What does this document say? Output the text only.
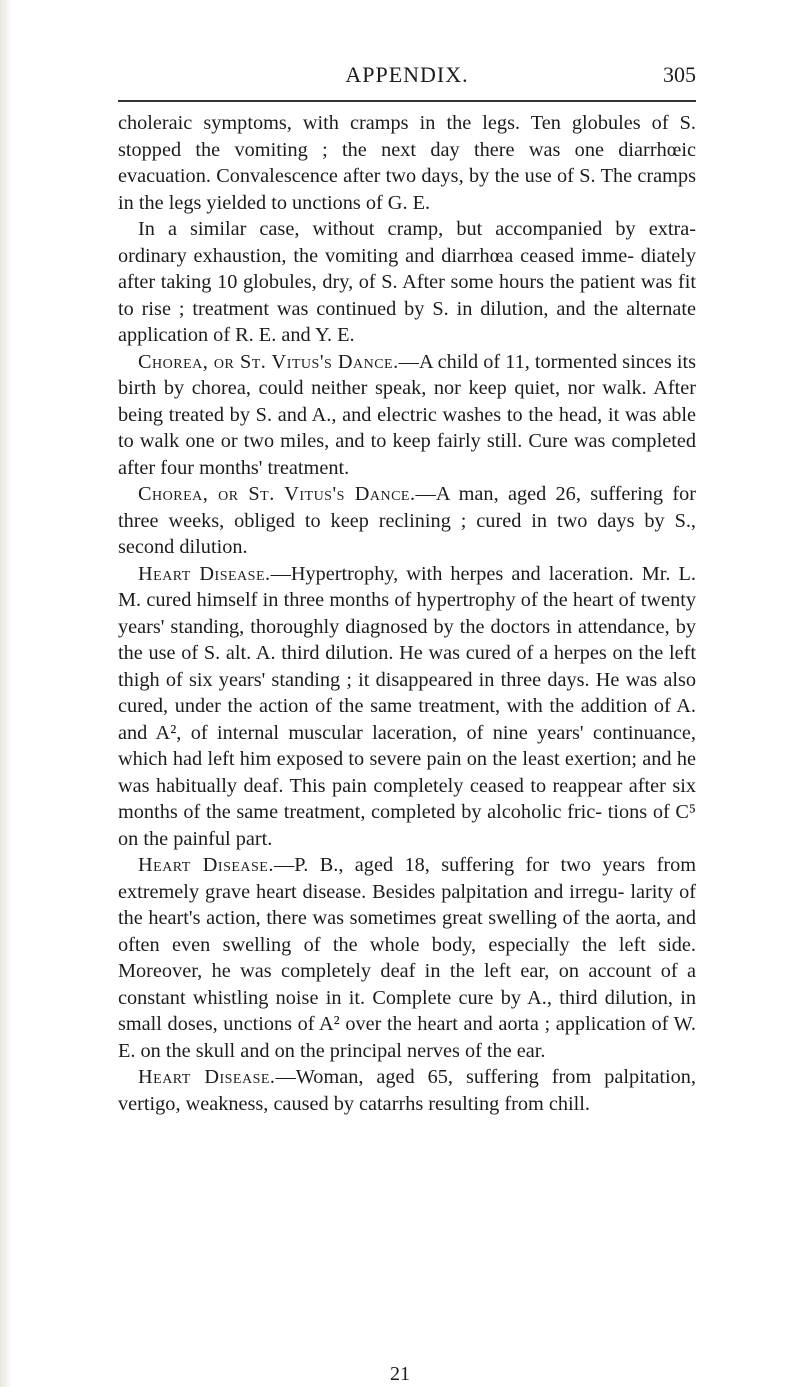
APPENDIX.	305

choleraic symptoms, with cramps in the legs. Ten globules of S. stopped the vomiting ; the next day there was one diarrhœic evacuation. Convalescence after two days, by the use of S. The cramps in the legs yielded to unctions of G. E.

In a similar case, without cramp, but accompanied by extra- ordinary exhaustion, the vomiting and diarrhœa ceased imme- diately after taking 10 globules, dry, of S. After some hours the patient was fit to rise ; treatment was continued by S. in dilution, and the alternate application of R. E. and Y. E.

Chorea, or St. Vitus's Dance.—A child of 11, tormented sinces its birth by chorea, could neither speak, nor keep quiet, nor walk. After being treated by S. and A., and electric washes to the head, it was able to walk one or two miles, and to keep fairly still. Cure was completed after four months' treatment.

Chorea, or St. Vitus's Dance.—A man, aged 26, suffering for three weeks, obliged to keep reclining ; cured in two days by S., second dilution.

Heart Disease.—Hypertrophy, with herpes and laceration. Mr. L. M. cured himself in three months of hypertrophy of the heart of twenty years' standing, thoroughly diagnosed by the doctors in attendance, by the use of S. alt. A. third dilution. He was cured of a herpes on the left thigh of six years' standing ; it disappeared in three days. He was also cured, under the action of the same treatment, with the addition of A. and A², of internal muscular laceration, of nine years' continuance, which had left him exposed to severe pain on the least exertion; and he was habitually deaf. This pain completely ceased to reappear after six months of the same treatment, completed by alcoholic fric- tions of C⁵ on the painful part.

Heart Disease.—P. B., aged 18, suffering for two years from extremely grave heart disease. Besides palpitation and irregu- larity of the heart's action, there was sometimes great swelling of the aorta, and often even swelling of the whole body, especially the left side. Moreover, he was completely deaf in the left ear, on account of a constant whistling noise in it. Complete cure by A., third dilution, in small doses, unctions of A² over the heart and aorta ; application of W. E. on the skull and on the principal nerves of the ear.

Heart Disease.—Woman, aged 65, suffering from palpitation, vertigo, weakness, caused by catarrhs resulting from chill.

21
